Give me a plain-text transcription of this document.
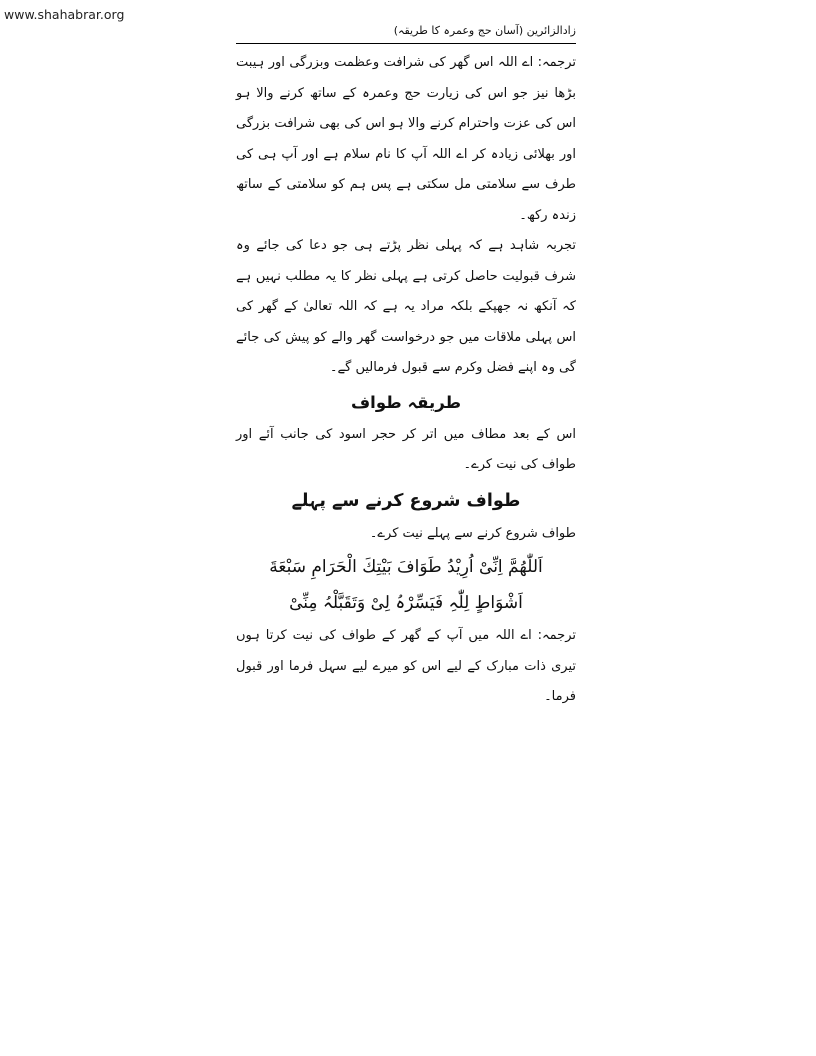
www.shahabrar.org
زادالزائرین (آسان حج وعمرہ کا طریقہ)

ترجمہ: اے اللہ اس گھر کی شرافت وعظمت وبزرگی اور ہیبت بڑھا نیز جو اس کی زیارت حج وعمرہ کے ساتھ کرنے والا ہو اس کی عزت واحترام کرنے والا ہو اس کی بھی شرافت بزرگی اور بھلائی زیادہ کر اے اللہ آپ کا نام سلام ہے اور آپ ہی کی طرف سے سلامتی مل سکتی ہے پس ہم کو سلامتی کے ساتھ زندہ رکھ۔

تجربہ شاہد ہے کہ پہلی نظر پڑتے ہی جو دعا کی جائے وہ شرف قبولیت حاصل کرتی ہے پہلی نظر کا یہ مطلب نہیں ہے کہ آنکھ نہ جھپکے بلکہ مراد یہ ہے کہ اللہ تعالیٰ کے گھر کی اس پہلی ملاقات میں جو درخواست گھر والے کو پیش کی جائے گی وہ اپنے فضل وکرم سے قبول فرمالیں گے۔

طریقہ طواف

اس کے بعد مطاف میں اتر کر حجر اسود کی جانب آئے اور طواف کی نیت کرے۔

طواف شروع کرنے سے پہلے

طواف شروع کرنے سے پہلے نیت کرے۔

اَللّٰھُمَّ اِنِّیْ اُرِیْدُ طَوَافَ بَیْتِكَ الْحَرَامِ سَبْعَةَ

اَشْوَاطٍ لِلّٰہِ فَیَسِّرْہُ لِیْ وَتَقَبَّلْہُ مِنِّیْ

ترجمہ: اے اللہ میں آپ کے گھر کے طواف کی نیت کرتا ہوں تیری ذات مبارک کے لیے اس کو میرے لیے سہل فرما اور قبول فرما۔
